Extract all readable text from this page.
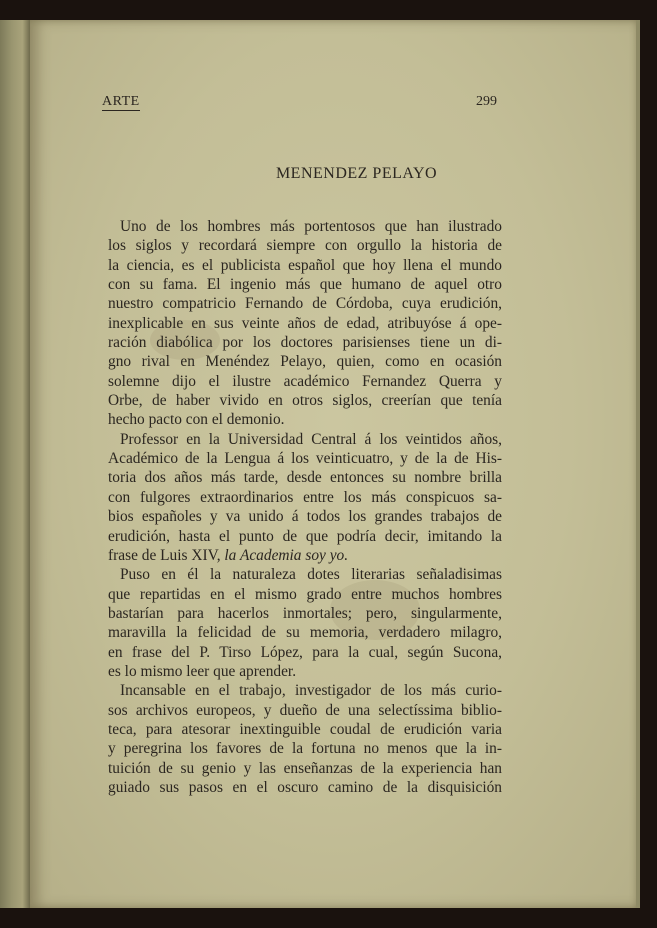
ARTE	299
MENENDEZ PELAYO
Uno de los hombres más portentosos que han ilustrado
los siglos y recordará siempre con orgullo la historia de
la ciencia, es el publicista español que hoy llena el mundo
con su fama. El ingenio más que humano de aquel otro
nuestro compatricio Fernando de Córdoba, cuya erudición,
inexplicable en sus veinte años de edad, atribuyóse á ope-
ración diabólica por los doctores parisienses tiene un di-
gno rival en Menéndez Pelayo, quien, como en ocasión
solemne dijo el ilustre académico Fernandez Querra y
Orbe, de haber vivido en otros siglos, creerían que tenía
hecho pacto con el demonio.
Professor en la Universidad Central á los veintidos años,
Académico de la Lengua á los veinticuatro, y de la de His-
toria dos años más tarde, desde entonces su nombre brilla
con fulgores extraordinarios entre los más conspicuos sa-
bios españoles y va unido á todos los grandes trabajos de
erudición, hasta el punto de que podría decir, imitando la
frase de Luis XIV, la Academia soy yo.
Puso en él la naturaleza dotes literarias señaladisimas
que repartidas en el mismo grado entre muchos hombres
bastarían para hacerlos inmortales; pero, singularmente,
maravilla la felicidad de su memoria, verdadero milagro,
en frase del P. Tirso López, para la cual, según Sucona,
es lo mismo leer que aprender.
Incansable en el trabajo, investigador de los más curio-
sos archivos europeos, y dueño de una selectíssima biblio-
teca, para atesorar inextinguible coudal de erudición varia
y peregrina los favores de la fortuna no menos que la in-
tuición de su genio y las enseñanzas de la experiencia han
guiado sus pasos en el oscuro camino de la disquisición
